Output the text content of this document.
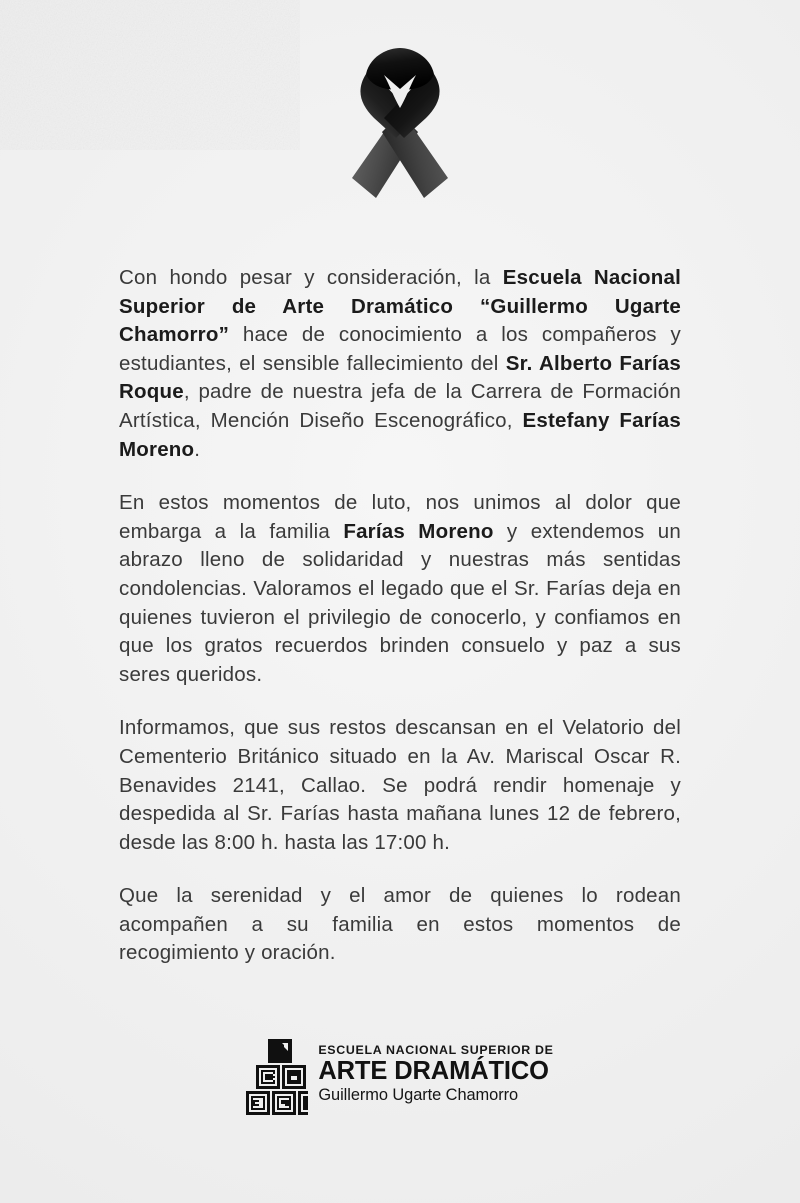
Con hondo pesar y consideración, la Escuela Nacional Superior de Arte Dramático “Guillermo Ugarte Chamorro” hace de conocimiento a los compañeros y estudiantes, el sensible fallecimiento del Sr. Alberto Farías Roque, padre de nuestra jefa de la Carrera de Formación Artística, Mención Diseño Escenográfico, Estefany Farías Moreno.

En estos momentos de luto, nos unimos al dolor que embarga a la familia Farías Moreno y extendemos un abrazo lleno de solidaridad y nuestras más sentidas condolencias. Valoramos el legado que el Sr. Farías deja en quienes tuvieron el privilegio de conocerlo, y confiamos en que los gratos recuerdos brinden consuelo y paz a sus seres queridos.

Informamos, que sus restos descansan en el Velatorio del Cementerio Británico situado en la Av. Mariscal Oscar R. Benavides 2141, Callao. Se podrá rendir homenaje y despedida al Sr. Farías hasta mañana lunes 12 de febrero, desde las 8:00 h. hasta las 17:00 h.

Que la serenidad y el amor de quienes lo rodean acompañen a su familia en estos momentos de recogimiento y oración.

ESCUELA NACIONAL SUPERIOR DE
ARTE DRAMÁTICO
Guillermo Ugarte Chamorro
